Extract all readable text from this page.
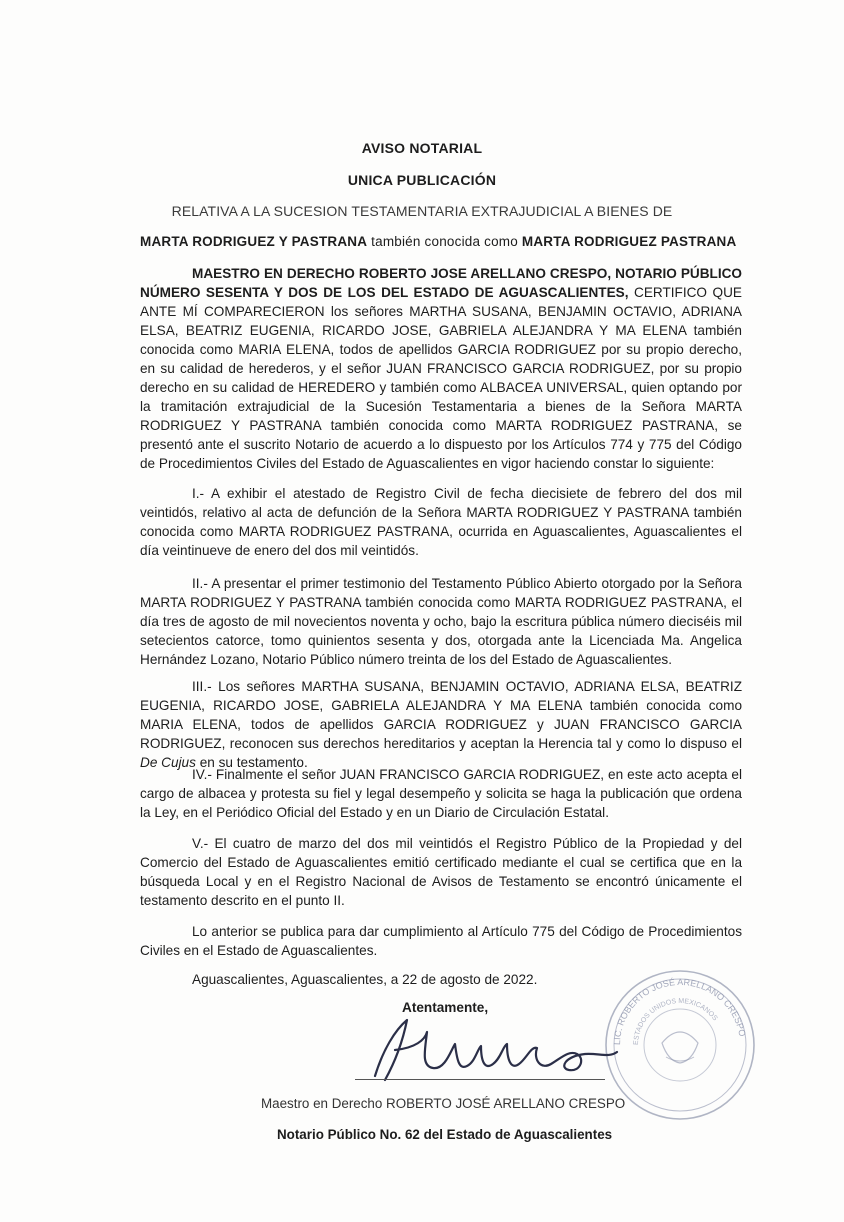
AVISO NOTARIAL
UNICA PUBLICACIÓN
RELATIVA A LA SUCESION TESTAMENTARIA EXTRAJUDICIAL A BIENES DE
MARTA RODRIGUEZ Y PASTRANA también conocida como MARTA RODRIGUEZ PASTRANA
MAESTRO EN DERECHO ROBERTO JOSE ARELLANO CRESPO, NOTARIO PÚBLICO NÚMERO SESENTA Y DOS DE LOS DEL ESTADO DE AGUASCALIENTES, CERTIFICO QUE ANTE MÍ COMPARECIERON los señores MARTHA SUSANA, BENJAMIN OCTAVIO, ADRIANA ELSA, BEATRIZ EUGENIA, RICARDO JOSE, GABRIELA ALEJANDRA Y MA ELENA también conocida como MARIA ELENA, todos de apellidos GARCIA RODRIGUEZ por su propio derecho, en su calidad de herederos, y el señor JUAN FRANCISCO GARCIA RODRIGUEZ, por su propio derecho en su calidad de HEREDERO y también como ALBACEA UNIVERSAL, quien optando por la tramitación extrajudicial de la Sucesión Testamentaria a bienes de la Señora MARTA RODRIGUEZ Y PASTRANA también conocida como MARTA RODRIGUEZ PASTRANA, se presentó ante el suscrito Notario de acuerdo a lo dispuesto por los Artículos 774 y 775 del Código de Procedimientos Civiles del Estado de Aguascalientes en vigor haciendo constar lo siguiente:
I.- A exhibir el atestado de Registro Civil de fecha diecisiete de febrero del dos mil veintidós, relativo al acta de defunción de la Señora MARTA RODRIGUEZ Y PASTRANA también conocida como MARTA RODRIGUEZ PASTRANA, ocurrida en Aguascalientes, Aguascalientes el día veintinueve de enero del dos mil veintidós.
II.- A presentar el primer testimonio del Testamento Público Abierto otorgado por la Señora MARTA RODRIGUEZ Y PASTRANA también conocida como MARTA RODRIGUEZ PASTRANA, el día tres de agosto de mil novecientos noventa y ocho, bajo la escritura pública número dieciséis mil setecientos catorce, tomo quinientos sesenta y dos, otorgada ante la Licenciada Ma. Angelica Hernández Lozano, Notario Público número treinta de los del Estado de Aguascalientes.
III.- Los señores MARTHA SUSANA, BENJAMIN OCTAVIO, ADRIANA ELSA, BEATRIZ EUGENIA, RICARDO JOSE, GABRIELA ALEJANDRA Y MA ELENA también conocida como MARIA ELENA, todos de apellidos GARCIA RODRIGUEZ y JUAN FRANCISCO GARCIA RODRIGUEZ, reconocen sus derechos hereditarios y aceptan la Herencia tal y como lo dispuso el De Cujus en su testamento.
IV.- Finalmente el señor JUAN FRANCISCO GARCIA RODRIGUEZ, en este acto acepta el cargo de albacea y protesta su fiel y legal desempeño y solicita se haga la publicación que ordena la Ley, en el Periódico Oficial del Estado y en un Diario de Circulación Estatal.
V.- El cuatro de marzo del dos mil veintidós el Registro Público de la Propiedad y del Comercio del Estado de Aguascalientes emitió certificado mediante el cual se certifica que en la búsqueda Local y en el Registro Nacional de Avisos de Testamento se encontró únicamente el testamento descrito en el punto II.
Lo anterior se publica para dar cumplimiento al Artículo 775 del Código de Procedimientos Civiles en el Estado de Aguascalientes.
Aguascalientes, Aguascalientes, a 22 de agosto de 2022.
Atentamente,
LIC. ROBERTO JOSÉ ARELLANO CRESPO
ESTADOS UNIDOS MEXICANOS
Maestro en Derecho ROBERTO JOSÉ ARELLANO CRESPO
Notario Público No. 62 del Estado de Aguascalientes
